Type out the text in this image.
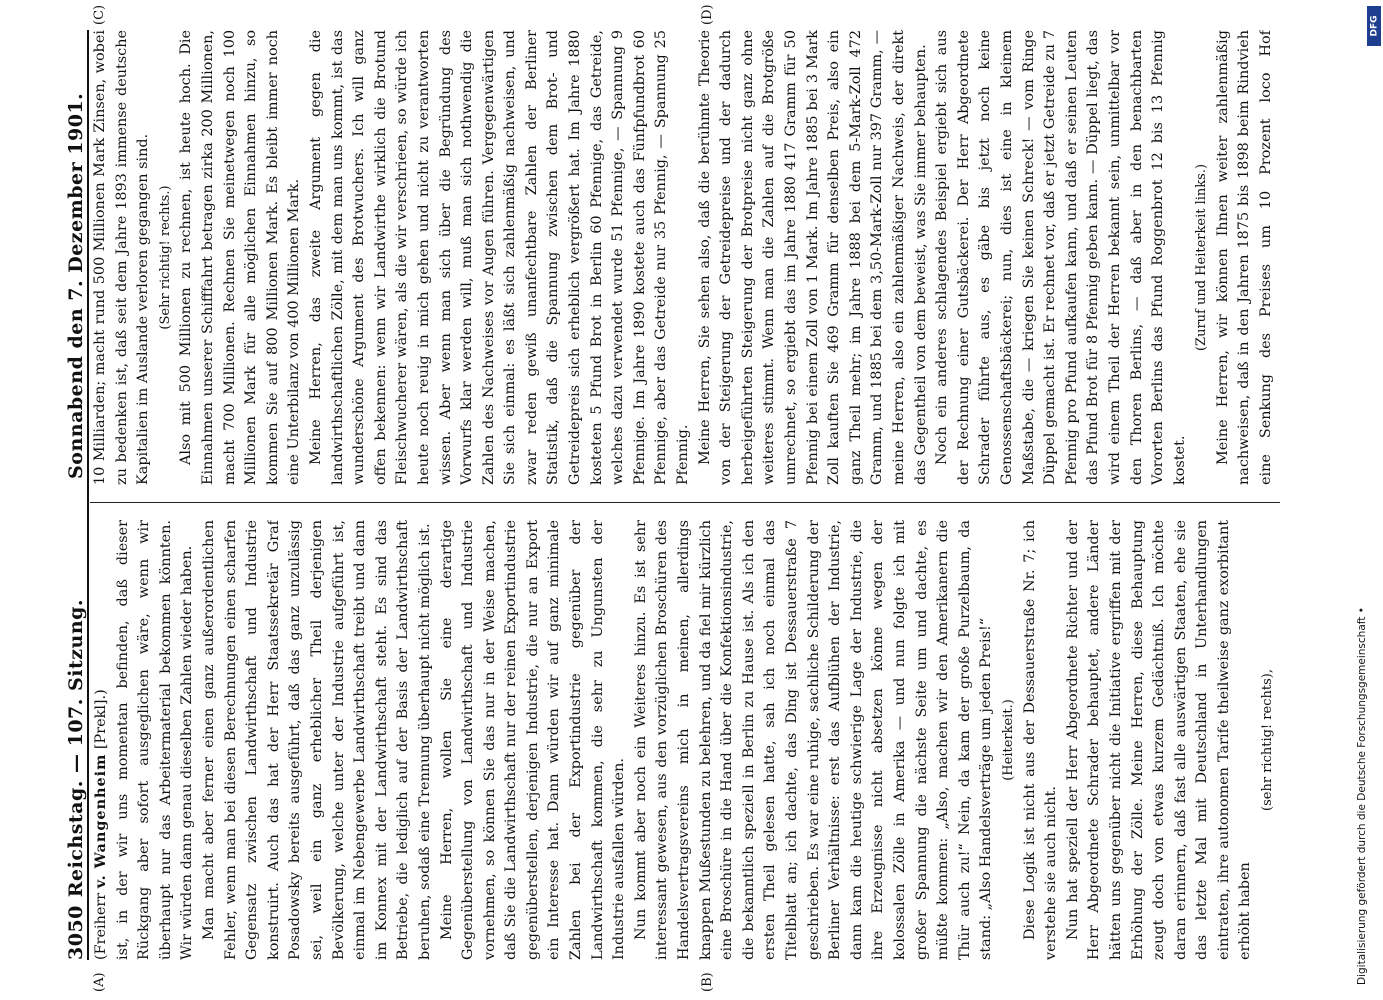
3050
Reichstag. — 107. Sitzung.
Sonnabend den 7. Dezember 1901.
(A)	(B)
(C)	(D)

(Freiherr v. Wangenheim [Prekl].) ist, in der wir uns momentan befinden, daß dieser Rückgang aber sofort ausgeglichen wäre, wenn wir überhaupt nur das Arbeitermaterial bekommen könnten. Wir würden dann genau dieselben Zahlen wieder haben. Man macht aber ferner einen ganz außerordentlichen Fehler, wenn man bei diesen Berechnungen einen scharfen Gegensatz zwischen Landwirthschaft und Industrie konstruirt. Auch das hat der Herr Staatssekretär Graf Posadowsky bereits ausgeführt, daß das ganz unzulässig sei, weil ein ganz erheblicher Theil derjenigen Bevölkerung, welche unter der Industrie aufgeführt ist, einmal im Nebengewerbe Landwirthschaft treibt und dann im Konnex mit der Landwirthschaft steht. Es sind das Betriebe, die lediglich auf der Basis der Landwirthschaft beruhen, sodaß eine Trennung überhaupt nicht möglich ist. Meine Herren, wollen Sie eine derartige Gegenüberstellung von Landwirthschaft und Industrie vornehmen, so können Sie das nur in der Weise machen, daß Sie die Landwirthschaft nur der reinen Exportindustrie gegenüberstellen, derjenigen Industrie, die nur an Export ein Interesse hat. Dann würden wir auf ganz minimale Zahlen bei der Exportindustrie gegenüber der Landwirthschaft kommen, die sehr zu Ungunsten der Industrie ausfallen würden. Nun kommt aber noch ein Weiteres hinzu. Es ist sehr interessant gewesen, aus den vorzüglichen Broschüren des Handelsvertragsvereins mich in meinen, allerdings knappen Mußestunden zu belehren, und da fiel mir kürzlich eine Broschüre in die Hand über die Konfektionsindustrie, die bekanntlich speziell in Berlin zu Hause ist. Als ich den ersten Theil gelesen hatte, sah ich noch einmal das Titelblatt an; ich dachte, das Ding ist Dessauerstraße 7 geschrieben. Es war eine ruhige, sachliche Schilderung der Berliner Verhältnisse: erst das Aufblühen der Industrie, dann kam die heutige schwierige Lage der Industrie, die ihre Erzeugnisse nicht absetzen könne wegen der kolossalen Zölle in Amerika — und nun folgte ich mit großer Spannung die nächste Seite um und dachte, es müßte kommen: „Also, machen wir den Amerikanern die Thür auch zu!“ Nein, da kam der große Purzelbaum, da stand: „Also Handelsverträge um jeden Preis!“ (Heiterkeit.) Diese Logik ist nicht aus der Dessauerstraße Nr. 7; ich verstehe sie auch nicht. Nun hat speziell der Herr Abgeordnete Richter und der Herr Abgeordnete Schrader behauptet, andere Länder hätten uns gegenüber nicht die Initiative ergriffen mit der Erhöhung der Zölle. Meine Herren, diese Behauptung zeugt doch von etwas kurzem Gedächtniß. Ich möchte daran erinnern, daß fast alle auswärtigen Staaten, ehe sie das letzte Mal mit Deutschland in Unterhandlungen eintraten, ihre autonomen Tarife theilweise ganz exorbitant erhöht haben

(sehr richtig! rechts),

10 Milliarden; macht rund 500 Millionen Mark Zinsen, wobei zu bedenken ist, daß seit dem Jahre 1893 immense deutsche Kapitalien im Auslande verloren gegangen sind. (Sehr richtig! rechts.) Also mit 500 Millionen zu rechnen, ist heute hoch. Die Einnahmen unserer Schifffahrt betragen zirka 200 Millionen, macht 700 Millionen. Rechnen Sie meinetwegen noch 100 Millionen Mark für alle möglichen Einnahmen hinzu, so kommen Sie auf 800 Millionen Mark. Es bleibt immer noch eine Unterbilanz von 400 Millionen Mark. Meine Herren, das zweite Argument gegen die landwirthschaftlichen Zölle, mit dem man uns kommt, ist das wunderschöne Argument des Brotwuchers. Ich will ganz offen bekennen: wenn wir Landwirthe wirklich die Brotund Fleischwucherer wären, als die wir verschrieen, so würde ich heute noch reuig in mich gehen und nicht zu verantworten wissen. Aber wenn man sich über die Begründung des Vorwurfs klar werden will, muß man sich nothwendig die Zahlen des Nachweises vor Augen führen. Vergegenwärtigen Sie sich einmal: es läßt sich zahlenmäßig nachweisen, und zwar reden gewiß unanfechtbare Zahlen der Berliner Statistik, daß die Spannung zwischen dem Brot- und Getreidepreis sich erheblich vergrößert hat. Im Jahre 1880 kosteten 5 Pfund Brot in Berlin 60 Pfennige, das Getreide, welches dazu verwendet wurde 51 Pfennige, — Spannung 9 Pfennige. Im Jahre 1890 kostete auch das Fünfpfundbrot 60 Pfennige, aber das Getreide nur 35 Pfennig, — Spannung 25 Pfennig. Meine Herren, Sie sehen also, daß die berühmte Theorie von der Steigerung der Getreidepreise und der dadurch herbeigeführten Steigerung der Brotpreise nicht ganz ohne weiteres stimmt. Wenn man die Zahlen auf die Brotgröße umrechnet, so ergiebt das im Jahre 1880 417 Gramm für 50 Pfennig bei einem Zoll von 1 Mark. Im Jahre 1885 bei 3 Mark Zoll kauften Sie 469 Gramm für denselben Preis, also ein ganz Theil mehr; im Jahre 1888 bei dem 5-Mark-Zoll 472 Gramm, und 1885 bei dem 3,50-Mark-Zoll nur 397 Gramm, — meine Herren, also ein zahlenmäßiger Nachweis, der direkt das Gegentheil von dem beweist, was Sie immer behaupten. Noch ein anderes schlagendes Beispiel ergiebt sich aus der Rechnung einer Gutsbäckerei. Der Herr Abgeordnete Schrader führte aus, es gäbe bis jetzt noch keine Genossenschaftsbäckerei; nun, dies ist eine in kleinem Maßstabe, die — kriegen Sie keinen Schreck! — vom Ringe Düppel gemacht ist. Er rechnet vor, daß er jetzt Getreide zu 7 Pfennig pro Pfund aufkaufen kann, und daß er seinen Leuten das Pfund Brot für 8 Pfennig geben kann. — Düppel liegt, das wird einem Theil der Herren bekannt sein, unmittelbar vor den Thoren Berlins, — daß aber in den benachbarten Vororten Berlins das Pfund Roggenbrot 12 bis 13 Pfennig kostet.

(Zuruf und Heiterkeit links.)

Meine Herren, wir können Ihnen weiter zahlenmäßig nachweisen, daß in den Jahren 1875 bis 1898 beim Rindvieh eine Senkung des Preises um 10 Prozent loco Hof

Digitalisierung gefördert durch die Deutsche Forschungsgemeinschaft •
DFG
